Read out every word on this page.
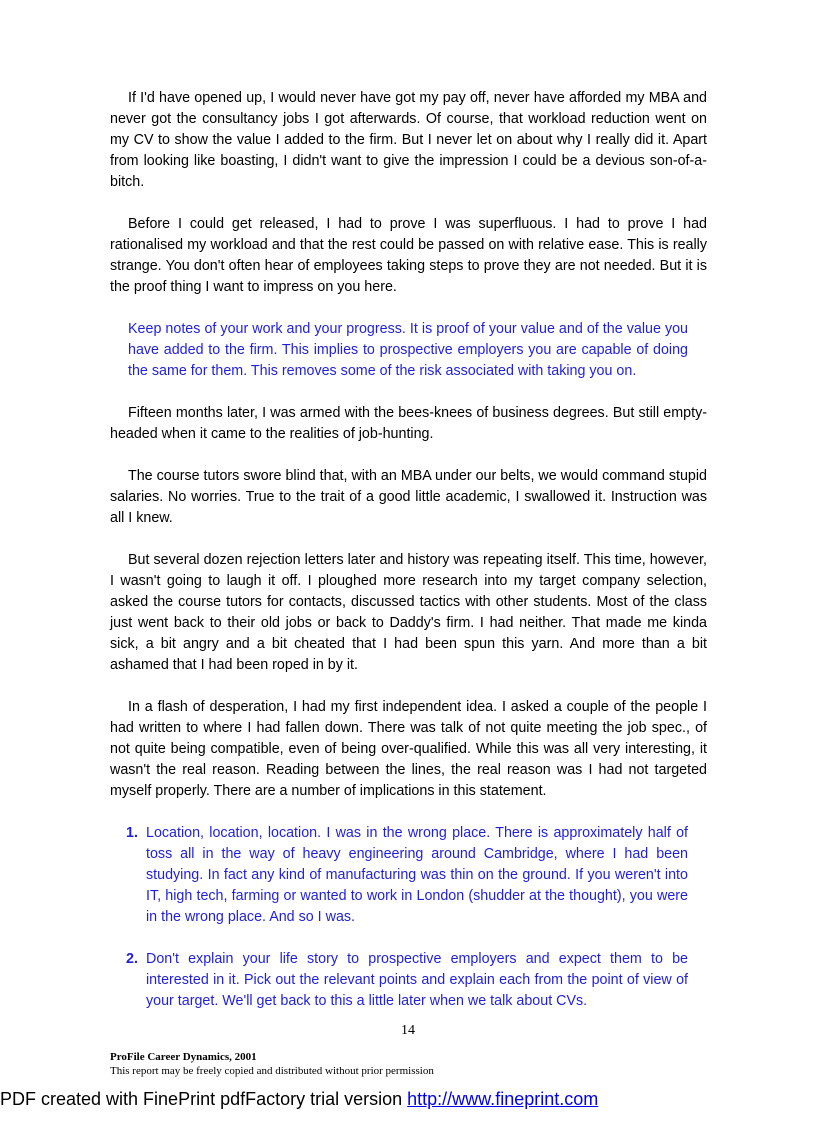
If I'd have opened up, I would never have got my pay off, never have afforded my MBA and never got the consultancy jobs I got afterwards. Of course, that workload reduction went on my CV to show the value I added to the firm. But I never let on about why I really did it. Apart from looking like boasting, I didn't want to give the impression I could be a devious son-of-a-bitch.

Before I could get released, I had to prove I was superfluous. I had to prove I had rationalised my workload and that the rest could be passed on with relative ease. This is really strange. You don't often hear of employees taking steps to prove they are not needed. But it is the proof thing I want to impress on you here.

Keep notes of your work and your progress. It is proof of your value and of the value you have added to the firm. This implies to prospective employers you are capable of doing the same for them. This removes some of the risk associated with taking you on.

Fifteen months later, I was armed with the bees-knees of business degrees. But still empty-headed when it came to the realities of job-hunting.

The course tutors swore blind that, with an MBA under our belts, we would command stupid salaries. No worries. True to the trait of a good little academic, I swallowed it. Instruction was all I knew.

But several dozen rejection letters later and history was repeating itself. This time, however, I wasn't going to laugh it off. I ploughed more research into my target company selection, asked the course tutors for contacts, discussed tactics with other students. Most of the class just went back to their old jobs or back to Daddy's firm. I had neither. That made me kinda sick, a bit angry and a bit cheated that I had been spun this yarn. And more than a bit ashamed that I had been roped in by it.

In a flash of desperation, I had my first independent idea. I asked a couple of the people I had written to where I had fallen down. There was talk of not quite meeting the job spec., of not quite being compatible, even of being over-qualified. While this was all very interesting, it wasn't the real reason. Reading between the lines, the real reason was I had not targeted myself properly. There are a number of implications in this statement.

1. Location, location, location. I was in the wrong place. There is approximately half of toss all in the way of heavy engineering around Cambridge, where I had been studying. In fact any kind of manufacturing was thin on the ground. If you weren't into IT, high tech, farming or wanted to work in London (shudder at the thought), you were in the wrong place. And so I was.
2. Don't explain your life story to prospective employers and expect them to be interested in it. Pick out the relevant points and explain each from the point of view of your target. We'll get back to this a little later when we talk about CVs.
14
ProFile Career Dynamics, 2001
This report may be freely copied and distributed without prior permission
PDF created with FinePrint pdfFactory trial version http://www.fineprint.com
